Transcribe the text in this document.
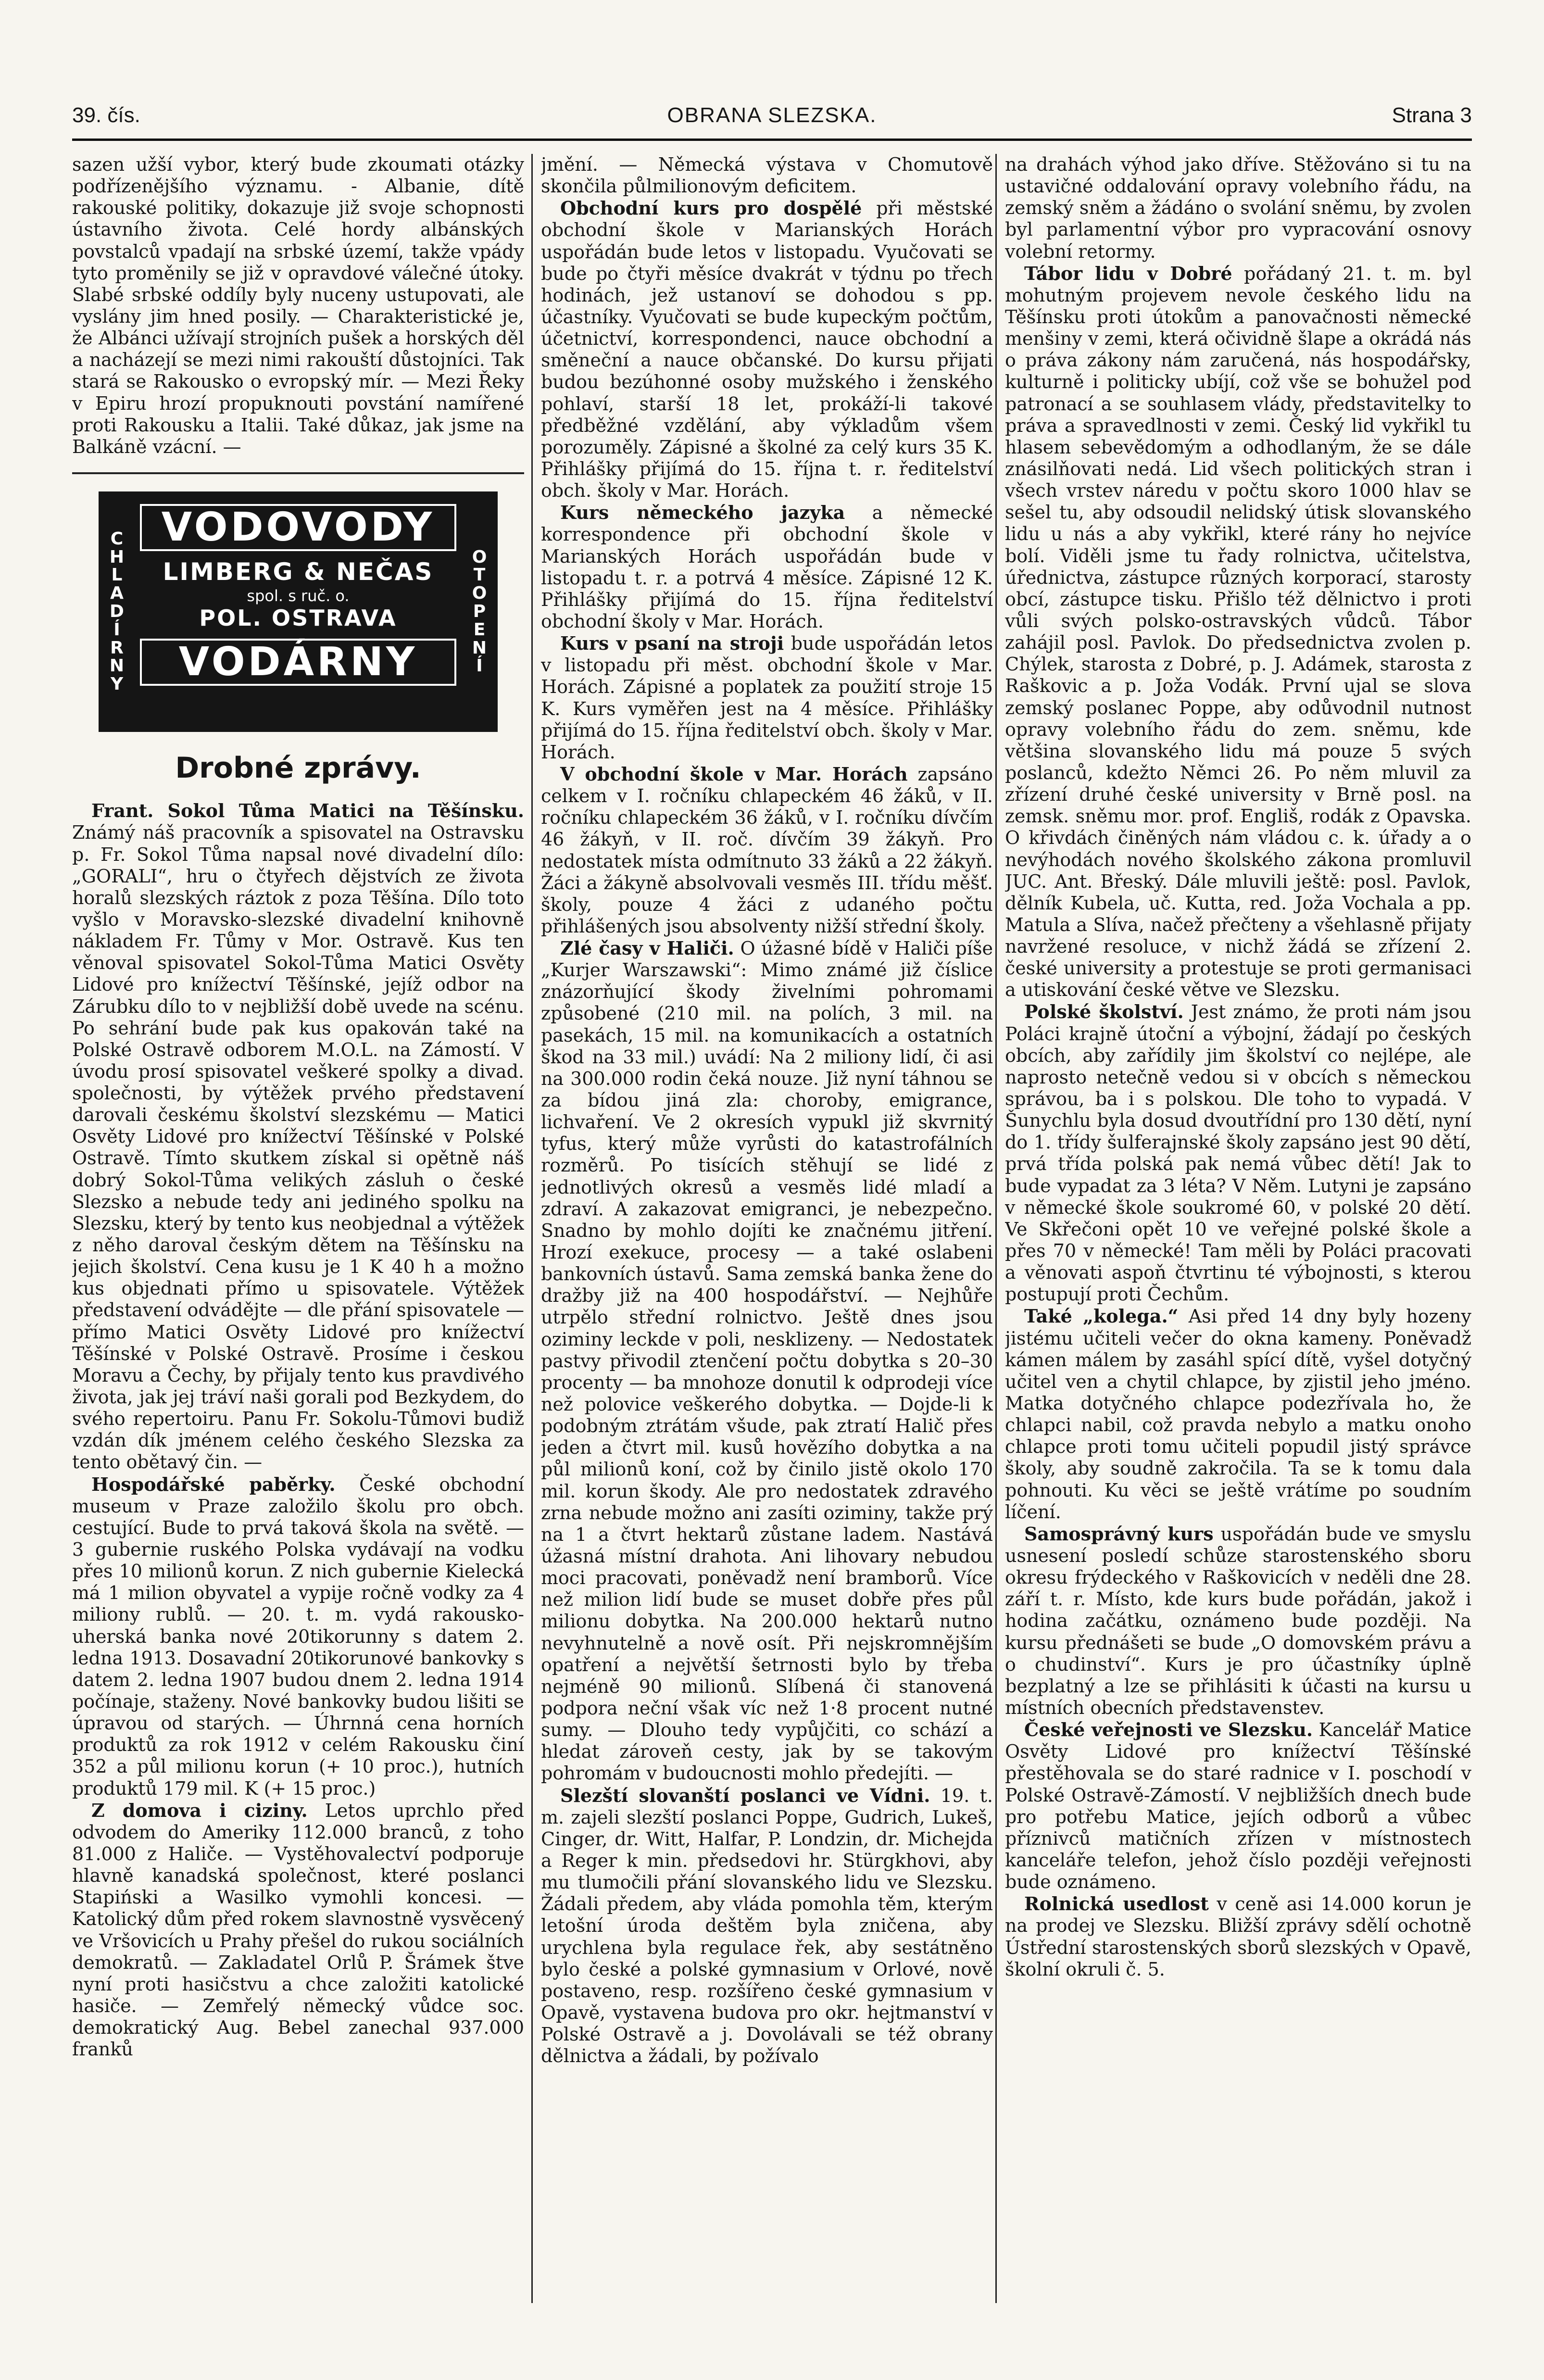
39. čís.	OBRANA SLEZSKA.	Strana 3

sazen užší vybor, který bude zkoumati otázky podřízenějšího významu. - Albanie, dítě rakouské politiky, dokazuje již svoje schopnosti ústavního života. Celé hordy albánských povstalců vpadají na srbské území, takže vpády tyto proměnily se již v opravdové válečné útoky. Slabé srbské oddíly byly nuceny ustupovati, ale vyslány jim hned posily. — Charakteristické je, že Albánci užívají strojních pušek a horských děl a nacházejí se mezi nimi rakouští důstojníci. Tak stará se Rakousko o evropský mír. — Mezi Řeky v Epiru hrozí propuknouti povstání namířené proti Rakousku a Italii. Také důkaz, jak jsme na Balkáně vzácní. —

C
H
L
A
D
Í
R
N
Y
O
T
O
P
E
N
Í
VODOVODY
LIMBERG & NEČAS
spol. s ruč. o.
POL. OSTRAVA
VODÁRNY
Drobné zprávy.

Frant. Sokol Tůma Matici na Těšínsku. Známý náš pracovník a spisovatel na Ostravsku p. Fr. Sokol Tůma napsal nové divadelní dílo: „GORALI“, hru o čtyřech dějstvích ze života horalů slezských ráztok z poza Těšína. Dílo toto vyšlo v Moravsko-slezské divadelní knihovně nákladem Fr. Tůmy v Mor. Ostravě. Kus ten věnoval spisovatel Sokol-Tůma Matici Osvěty Lidové pro knížectví Těšínské, jejíž odbor na Zárubku dílo to v nejbližší době uvede na scénu. Po sehrání bude pak kus opakován také na Polské Ostravě odborem M.O.L. na Zámostí. V úvodu prosí spisovatel veškeré spolky a divad. společnosti, by výtěžek prvého představení darovali českému školství slezskému — Matici Osvěty Lidové pro knížectví Těšínské v Polské Ostravě. Tímto skutkem získal si opětně náš dobrý Sokol-Tůma velikých zásluh o české Slezsko a nebude tedy ani jediného spolku na Slezsku, který by tento kus neobjednal a výtěžek z něho daroval českým dětem na Těšínsku na jejich školství. Cena kusu je 1 K 40 h a možno kus objednati přímo u spisovatele. Výtěžek představení odvádějte — dle přání spisovatele — přímo Matici Osvěty Lidové pro knížectví Těšínské v Polské Ostravě. Prosíme i českou Moravu a Čechy, by přijaly tento kus pravdivého života, jak jej tráví naši gorali pod Bezkydem, do svého repertoiru. Panu Fr. Sokolu-Tůmovi budiž vzdán dík jménem celého českého Slezska za tento obětavý čin. —

Hospodářské paběrky. České obchodní museum v Praze založilo školu pro obch. cestující. Bude to prvá taková škola na světě. — 3 gubernie ruského Polska vydávají na vodku přes 10 milionů korun. Z nich gubernie Kielecká má 1 milion obyvatel a vypije ročně vodky za 4 miliony rublů. — 20. t. m. vydá rakousko-uherská banka nové 20tikorunny s datem 2. ledna 1913. Dosavadní 20tikorunové bankovky s datem 2. ledna 1907 budou dnem 2. ledna 1914 počínaje, staženy. Nové bankovky budou lišiti se úpravou od starých. — Úhrnná cena horních produktů za rok 1912 v celém Rakousku činí 352 a půl milionu korun (+ 10 proc.), hutních produktů 179 mil. K (+ 15 proc.)

Z domova i ciziny. Letos uprchlo před odvodem do Ameriky 112.000 branců, z toho 81.000 z Haliče. — Vystěhovalectví podporuje hlavně kanadská společnost, které poslanci Stapiński a Wasilko vymohli koncesi. — Katolický dům před rokem slavnostně vysvěcený ve Vršovicích u Prahy přešel do rukou sociálních demokratů. — Zakladatel Orlů P. Šrámek štve nyní proti hasičstvu a chce založiti katolické hasiče. — Zemřelý německý vůdce soc. demokratický Aug. Bebel zanechal 937.000 franků

jmění. — Německá výstava v Chomutově skončila půlmilionovým deficitem.

Obchodní kurs pro dospělé při městské obchodní škole v Marianských Horách uspořádán bude letos v listopadu. Vyučovati se bude po čtyři měsíce dvakrát v týdnu po třech hodinách, jež ustanoví se dohodou s pp. účastníky. Vyučovati se bude kupeckým počtům, účetnictví, korrespondenci, nauce obchodní a směneční a nauce občanské. Do kursu přijati budou bezúhonné osoby mužského i ženského pohlaví, starší 18 let, prokáží-li takové předběžné vzdělání, aby výkladům všem porozuměly. Zápisné a školné za celý kurs 35 K. Přihlášky přijímá do 15. října t. r. ředitelství obch. školy v Mar. Horách.

Kurs německého jazyka a německé korrespondence při obchodní škole v Marianských Horách uspořádán bude v listopadu t. r. a potrvá 4 měsíce. Zápisné 12 K. Přihlášky přijímá do 15. října ředitelství obchodní školy v Mar. Horách.

Kurs v psaní na stroji bude uspořádán letos v listopadu při měst. obchodní škole v Mar. Horách. Zápisné a poplatek za použití stroje 15 K. Kurs vyměřen jest na 4 měsíce. Přihlášky přijímá do 15. října ředitelství obch. školy v Mar. Horách.

V obchodní škole v Mar. Horách zapsáno celkem v I. ročníku chlapeckém 46 žáků, v II. ročníku chlapeckém 36 žáků, v I. ročníku dívčím 46 žákyň, v II. roč. dívčím 39 žákyň. Pro nedostatek místa odmítnuto 33 žáků a 22 žákyň. Žáci a žákyně absolvovali vesměs III. třídu měšť. školy, pouze 4 žáci z udaného počtu přihlášených jsou absolventy nižší střední školy.

Zlé časy v Haliči. O úžasné bídě v Haliči píše „Kurjer Warszawski“: Mimo známé již číslice znázorňující škody živelními pohromami způsobené (210 mil. na polích, 3 mil. na pasekách, 15 mil. na komunikacích a ostatních škod na 33 mil.) uvádí: Na 2 miliony lidí, či asi na 300.000 rodin čeká nouze. Již nyní táhnou se za bídou jiná zla: choroby, emigrance, lichvaření. Ve 2 okresích vypukl již skvrnitý tyfus, který může vyrůsti do katastrofálních rozměrů. Po tisících stěhují se lidé z jednotlivých okresů a vesměs lidé mladí a zdraví. A zakazovat emigranci, je nebezpečno. Snadno by mohlo dojíti ke značnému jitření. Hrozí exekuce, procesy — a také oslabeni bankovních ústavů. Sama zemská banka žene do dražby již na 400 hospodářství. — Nejhůře utrpělo střední rolnictvo. Ještě dnes jsou oziminy leckde v poli, nesklizeny. — Nedostatek pastvy přivodil ztenčení počtu dobytka s 20–30 procenty — ba mnohoze donutil k odprodeji více než polovice veškerého dobytka. — Dojde-li k podobným ztrátám všude, pak ztratí Halič přes jeden a čtvrt mil. kusů hovězího dobytka a na půl milionů koní, což by činilo jistě okolo 170 mil. korun škody. Ale pro nedostatek zdravého zrna nebude možno ani zasíti oziminy, takže prý na 1 a čtvrt hektarů zůstane ladem. Nastává úžasná místní drahota. Ani lihovary nebudou moci pracovati, poněvadž není bramborů. Více než milion lidí bude se muset dobře přes půl milionu dobytka. Na 200.000 hektarů nutno nevyhnutelně a nově osít. Při nejskromnějším opatření a největší šetrnosti bylo by třeba nejméně 90 milionů. Slíbená či stanovená podpora neční však víc než 1·8 procent nutné sumy. — Dlouho tedy vypůjčiti, co schází a hledat zároveň cesty, jak by se takovým pohromám v budoucnosti mohlo předejíti. —

Slezští slovanští poslanci ve Vídni. 19. t. m. zajeli slezští poslanci Poppe, Gudrich, Lukeš, Cinger, dr. Witt, Halfar, P. Londzin, dr. Michejda a Reger k min. předsedovi hr. Stürgkhovi, aby mu tlumočili přání slovanského lidu ve Slezsku. Žádali předem, aby vláda pomohla těm, kterým letošní úroda deštěm byla zničena, aby urychlena byla regulace řek, aby sestátněno bylo české a polské gymnasium v Orlové, nově postaveno, resp. rozšířeno české gymnasium v Opavě, vystavena budova pro okr. hejtmanství v Polské Ostravě a j. Dovolávali se též obrany dělnictva a žádali, by požívalo

na drahách výhod jako dříve. Stěžováno si tu na ustavičné oddalování opravy volebního řádu, na zemský sněm a žádáno o svolání sněmu, by zvolen byl parlamentní výbor pro vypracování osnovy volební retormy.

Tábor lidu v Dobré pořádaný 21. t. m. byl mohutným projevem nevole českého lidu na Těšínsku proti útokům a panovačnosti německé menšiny v zemi, která očividně šlape a okrádá nás o práva zákony nám zaručená, nás hospodářsky, kulturně i politicky ubíjí, což vše se bohužel pod patronací a se souhlasem vlády, představitelky to práva a spravedlnosti v zemi. Český lid vykřikl tu hlasem sebevědomým a odhodlaným, že se dále znásilňovati nedá. Lid všech politických stran i všech vrstev náredu v počtu skoro 1000 hlav se sešel tu, aby odsoudil nelidský útisk slovanského lidu u nás a aby vykřikl, které rány ho nejvíce bolí. Viděli jsme tu řady rolnictva, učitelstva, úřednictva, zástupce různých korporací, starosty obcí, zástupce tisku. Přišlo též dělnictvo i proti vůli svých polsko-ostravských vůdců. Tábor zahájil posl. Pavlok. Do předsednictva zvolen p. Chýlek, starosta z Dobré, p. J. Adámek, starosta z Raškovic a p. Joža Vodák. První ujal se slova zemský poslanec Poppe, aby odůvodnil nutnost opravy volebního řádu do zem. sněmu, kde většina slovanského lidu má pouze 5 svých poslanců, kdežto Němci 26. Po něm mluvil za zřízení druhé české university v Brně posl. na zemsk. sněmu mor. prof. Engliš, rodák z Opavska. O křivdách činěných nám vládou c. k. úřady a o nevýhodách nového školského zákona promluvil JUC. Ant. Břeský. Dále mluvili ještě: posl. Pavlok, dělník Kubela, uč. Kutta, red. Joža Vochala a pp. Matula a Slíva, načež přečteny a všehlasně přijaty navržené resoluce, v nichž žádá se zřízení 2. české university a protestuje se proti germanisaci a utiskování české větve ve Slezsku.

Polské školství. Jest známo, že proti nám jsou Poláci krajně útoční a výbojní, žádají po českých obcích, aby zařídily jim školství co nejlépe, ale naprosto netečně vedou si v obcích s německou správou, ba i s polskou. Dle toho to vypadá. V Šunychlu byla dosud dvoutřídní pro 130 dětí, nyní do 1. třídy šulferajnské školy zapsáno jest 90 dětí, prvá třída polská pak nemá vůbec dětí! Jak to bude vypadat za 3 léta? V Něm. Lutyni je zapsáno v německé škole soukromé 60, v polské 20 dětí. Ve Skřečoni opět 10 ve veřejné polské škole a přes 70 v německé! Tam měli by Poláci pracovati a věnovati aspoň čtvrtinu té výbojnosti, s kterou postupují proti Čechům.

Také „kolega.“ Asi před 14 dny byly hozeny jistému učiteli večer do okna kameny. Poněvadž kámen málem by zasáhl spící dítě, vyšel dotyčný učitel ven a chytil chlapce, by zjistil jeho jméno. Matka dotyčného chlapce podezřívala ho, že chlapci nabil, což pravda nebylo a matku onoho chlapce proti tomu učiteli popudil jistý správce školy, aby soudně zakročila. Ta se k tomu dala pohnouti. Ku věci se ještě vrátíme po soudním líčení.

Samosprávný kurs uspořádán bude ve smyslu usnesení posledí schůze starostenského sboru okresu frýdeckého v Raškovicích v neděli dne 28. září t. r. Místo, kde kurs bude pořádán, jakož i hodina začátku, oznámeno bude později. Na kursu přednášeti se bude „O domovském právu a o chudinství“. Kurs je pro účastníky úplně bezplatný a lze se přihlásiti k účasti na kursu u místních obecních představenstev.

České veřejnosti ve Slezsku. Kancelář Matice Osvěty Lidové pro knížectví Těšínské přestěhovala se do staré radnice v I. poschodí v Polské Ostravě-Zámostí. V nejbližších dnech bude pro potřebu Matice, jejích odborů a vůbec příznivců matičních zřízen v místnostech kanceláře telefon, jehož číslo později veřejnosti bude oznámeno.

Rolnická usedlost v ceně asi 14.000 korun je na prodej ve Slezsku. Bližší zprávy sdělí ochotně Ústřední starostenských sborů slezských v Opavě, školní okruli č. 5.
